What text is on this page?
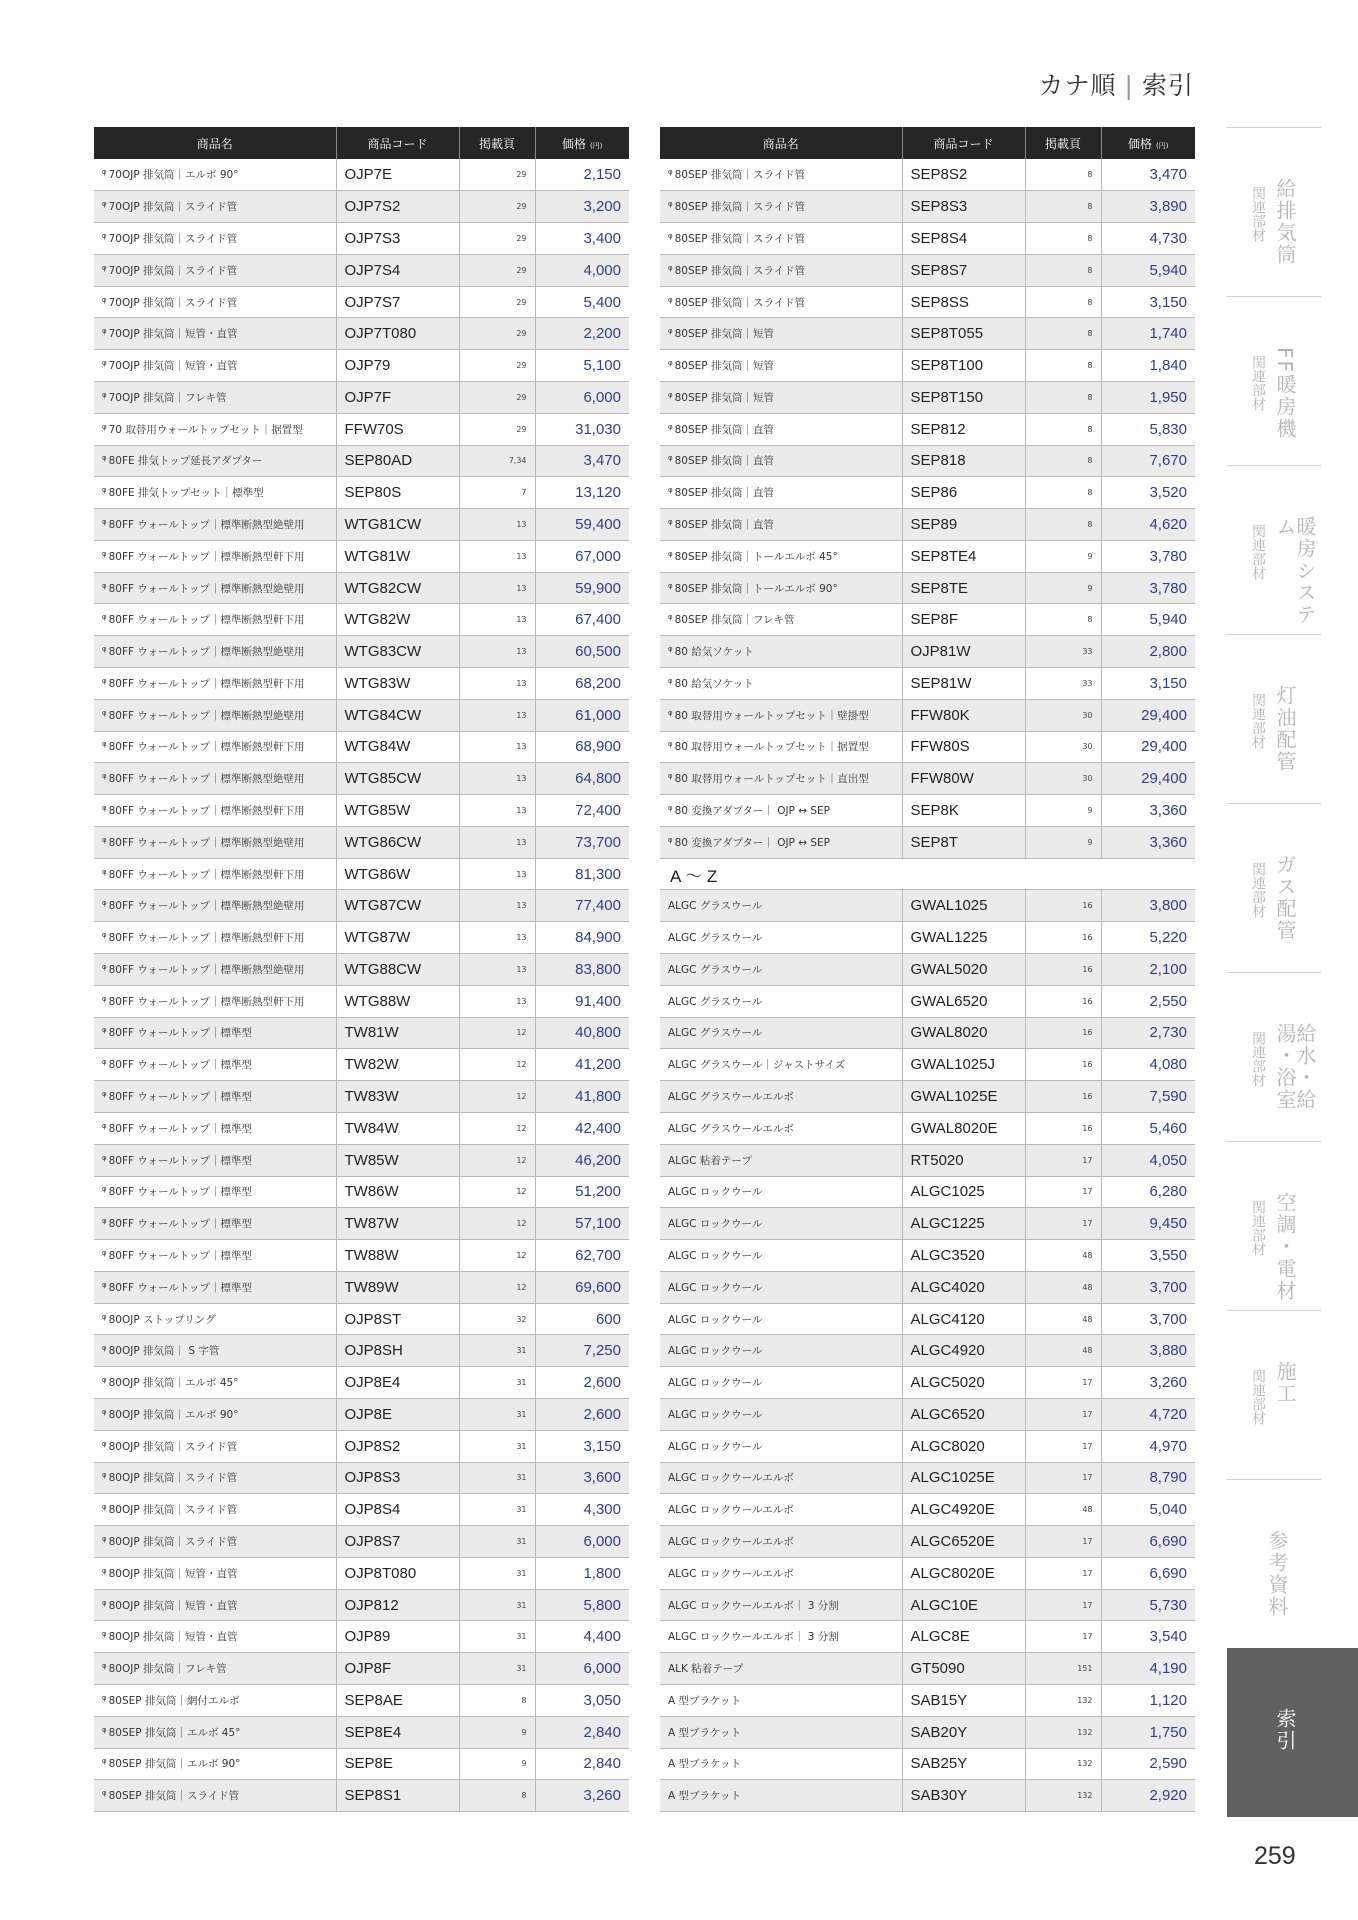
カナ順 | 索引
商品名	商品コード	掲載頁	価格 (円)
$^\varphi$ 70OJP 排気筒｜エルボ 90°	OJP7E	29	2,150
$^\varphi$ 70OJP 排気筒｜スライド管	OJP7S2	29	3,200
$^\varphi$ 70OJP 排気筒｜スライド管	OJP7S3	29	3,400
$^\varphi$ 70OJP 排気筒｜スライド管	OJP7S4	29	4,000
$^\varphi$ 70OJP 排気筒｜スライド管	OJP7S7	29	5,400
$^\varphi$ 70OJP 排気筒｜短管・直管	OJP7T080	29	2,200
$^\varphi$ 70OJP 排気筒｜短管・直管	OJP79	29	5,100
$^\varphi$ 70OJP 排気筒｜フレキ管	OJP7F	29	6,000
$^\varphi$ 70 取替用ウォールトップセット｜据置型	FFW70S	29	31,030
$^\varphi$ 80FE 排気トップ延長アダプター	SEP80AD	7,34	3,470
$^\varphi$ 80FE 排気トップセット｜標準型	SEP80S	7	13,120
$^\varphi$ 80FF ウォールトップ｜標準断熱型絶壁用	WTG81CW	13	59,400
$^\varphi$ 80FF ウォールトップ｜標準断熱型軒下用	WTG81W	13	67,000
$^\varphi$ 80FF ウォールトップ｜標準断熱型絶壁用	WTG82CW	13	59,900
$^\varphi$ 80FF ウォールトップ｜標準断熱型軒下用	WTG82W	13	67,400
$^\varphi$ 80FF ウォールトップ｜標準断熱型絶壁用	WTG83CW	13	60,500
$^\varphi$ 80FF ウォールトップ｜標準断熱型軒下用	WTG83W	13	68,200
$^\varphi$ 80FF ウォールトップ｜標準断熱型絶壁用	WTG84CW	13	61,000
$^\varphi$ 80FF ウォールトップ｜標準断熱型軒下用	WTG84W	13	68,900
$^\varphi$ 80FF ウォールトップ｜標準断熱型絶壁用	WTG85CW	13	64,800
$^\varphi$ 80FF ウォールトップ｜標準断熱型軒下用	WTG85W	13	72,400
$^\varphi$ 80FF ウォールトップ｜標準断熱型絶壁用	WTG86CW	13	73,700
$^\varphi$ 80FF ウォールトップ｜標準断熱型軒下用	WTG86W	13	81,300
$^\varphi$ 80FF ウォールトップ｜標準断熱型絶壁用	WTG87CW	13	77,400
$^\varphi$ 80FF ウォールトップ｜標準断熱型軒下用	WTG87W	13	84,900
$^\varphi$ 80FF ウォールトップ｜標準断熱型絶壁用	WTG88CW	13	83,800
$^\varphi$ 80FF ウォールトップ｜標準断熱型軒下用	WTG88W	13	91,400
$^\varphi$ 80FF ウォールトップ｜標準型	TW81W	12	40,800
$^\varphi$ 80FF ウォールトップ｜標準型	TW82W	12	41,200
$^\varphi$ 80FF ウォールトップ｜標準型	TW83W	12	41,800
$^\varphi$ 80FF ウォールトップ｜標準型	TW84W	12	42,400
$^\varphi$ 80FF ウォールトップ｜標準型	TW85W	12	46,200
$^\varphi$ 80FF ウォールトップ｜標準型	TW86W	12	51,200
$^\varphi$ 80FF ウォールトップ｜標準型	TW87W	12	57,100
$^\varphi$ 80FF ウォールトップ｜標準型	TW88W	12	62,700
$^\varphi$ 80FF ウォールトップ｜標準型	TW89W	12	69,600
$^\varphi$ 80OJP ストップリング	OJP8ST	32	600
$^\varphi$ 80OJP 排気筒｜ S 字管	OJP8SH	31	7,250
$^\varphi$ 80OJP 排気筒｜エルボ 45°	OJP8E4	31	2,600
$^\varphi$ 80OJP 排気筒｜エルボ 90°	OJP8E	31	2,600
$^\varphi$ 80OJP 排気筒｜スライド管	OJP8S2	31	3,150
$^\varphi$ 80OJP 排気筒｜スライド管	OJP8S3	31	3,600
$^\varphi$ 80OJP 排気筒｜スライド管	OJP8S4	31	4,300
$^\varphi$ 80OJP 排気筒｜スライド管	OJP8S7	31	6,000
$^\varphi$ 80OJP 排気筒｜短管・直管	OJP8T080	31	1,800
$^\varphi$ 80OJP 排気筒｜短管・直管	OJP812	31	5,800
$^\varphi$ 80OJP 排気筒｜短管・直管	OJP89	31	4,400
$^\varphi$ 80OJP 排気筒｜フレキ管	OJP8F	31	6,000
$^\varphi$ 80SEP 排気筒｜網付エルボ	SEP8AE	8	3,050
$^\varphi$ 80SEP 排気筒｜エルボ 45°	SEP8E4	9	2,840
$^\varphi$ 80SEP 排気筒｜エルボ 90°	SEP8E	9	2,840
$^\varphi$ 80SEP 排気筒｜スライド管	SEP8S1	8	3,260
商品名	商品コード	掲載頁	価格 (円)
$^\varphi$ 80SEP 排気筒｜スライド管	SEP8S2	8	3,470
$^\varphi$ 80SEP 排気筒｜スライド管	SEP8S3	8	3,890
$^\varphi$ 80SEP 排気筒｜スライド管	SEP8S4	8	4,730
$^\varphi$ 80SEP 排気筒｜スライド管	SEP8S7	8	5,940
$^\varphi$ 80SEP 排気筒｜スライド管	SEP8SS	8	3,150
$^\varphi$ 80SEP 排気筒｜短管	SEP8T055	8	1,740
$^\varphi$ 80SEP 排気筒｜短管	SEP8T100	8	1,840
$^\varphi$ 80SEP 排気筒｜短管	SEP8T150	8	1,950
$^\varphi$ 80SEP 排気筒｜直管	SEP812	8	5,830
$^\varphi$ 80SEP 排気筒｜直管	SEP818	8	7,670
$^\varphi$ 80SEP 排気筒｜直管	SEP86	8	3,520
$^\varphi$ 80SEP 排気筒｜直管	SEP89	8	4,620
$^\varphi$ 80SEP 排気筒｜トールエルボ 45°	SEP8TE4	9	3,780
$^\varphi$ 80SEP 排気筒｜トールエルボ 90°	SEP8TE	9	3,780
$^\varphi$ 80SEP 排気筒｜フレキ管	SEP8F	8	5,940
$^\varphi$ 80 給気ソケット	OJP81W	33	2,800
$^\varphi$ 80 給気ソケット	SEP81W	33	3,150
$^\varphi$ 80 取替用ウォールトップセット｜壁掛型	FFW80K	30	29,400
$^\varphi$ 80 取替用ウォールトップセット｜据置型	FFW80S	30	29,400
$^\varphi$ 80 取替用ウォールトップセット｜直出型	FFW80W	30	29,400
$^\varphi$ 80 変換アダプター｜ OJP ↔ SEP	SEP8K	9	3,360
$^\varphi$ 80 変換アダプター｜ OJP ↔ SEP	SEP8T	9	3,360
A ～ Z			
ALGC グラスウール	GWAL1025	16	3,800
ALGC グラスウール	GWAL1225	16	5,220
ALGC グラスウール	GWAL5020	16	2,100
ALGC グラスウール	GWAL6520	16	2,550
ALGC グラスウール	GWAL8020	16	2,730
ALGC グラスウール｜ジャストサイズ	GWAL1025J	16	4,080
ALGC グラスウールエルボ	GWAL1025E	16	7,590
ALGC グラスウールエルボ	GWAL8020E	16	5,460
ALGC 粘着テープ	RT5020	17	4,050
ALGC ロックウール	ALGC1025	17	6,280
ALGC ロックウール	ALGC1225	17	9,450
ALGC ロックウール	ALGC3520	48	3,550
ALGC ロックウール	ALGC4020	48	3,700
ALGC ロックウール	ALGC4120	48	3,700
ALGC ロックウール	ALGC4920	48	3,880
ALGC ロックウール	ALGC5020	17	3,260
ALGC ロックウール	ALGC6520	17	4,720
ALGC ロックウール	ALGC8020	17	4,970
ALGC ロックウールエルボ	ALGC1025E	17	8,790
ALGC ロックウールエルボ	ALGC4920E	48	5,040
ALGC ロックウールエルボ	ALGC6520E	17	6,690
ALGC ロックウールエルボ	ALGC8020E	17	6,690
ALGC ロックウールエルボ｜ 3 分割	ALGC10E	17	5,730
ALGC ロックウールエルボ｜ 3 分割	ALGC8E	17	3,540
ALK 粘着テープ	GT5090	151	4,190
A 型ブラケット	SAB15Y	132	1,120
A 型ブラケット	SAB20Y	132	1,750
A 型ブラケット	SAB25Y	132	2,590
A 型ブラケット	SAB30Y	132	2,920
給排気筒
関連部材
FF暖房機
関連部材
暖房システム
関連部材
灯油配管
関連部材
ガス配管
関連部材
給水・給湯・浴室
関連部材
空調・電材
関連部材
施工
関連部材
参考資料
索引
259
